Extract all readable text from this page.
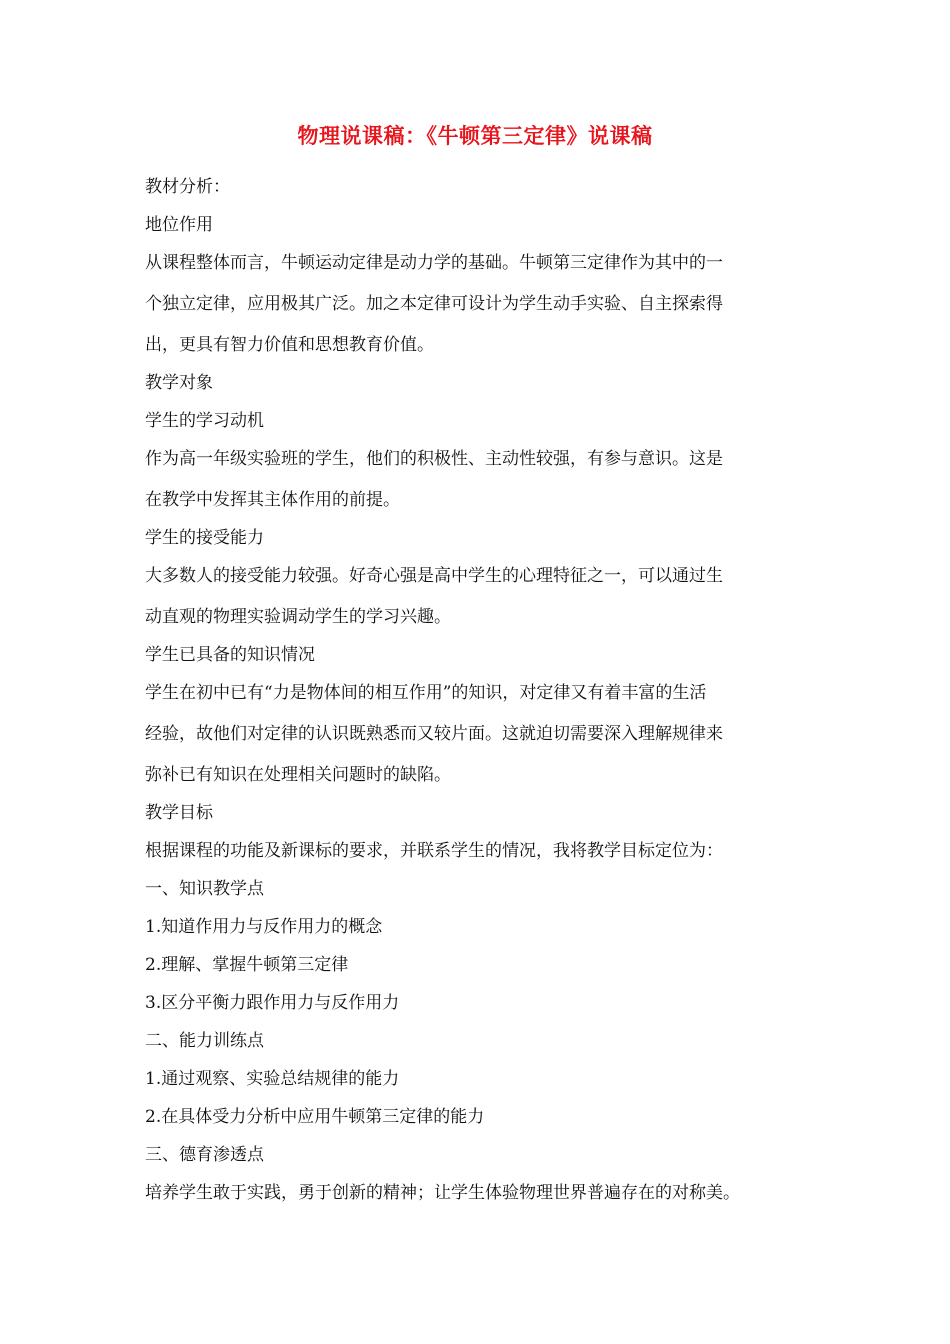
物理说课稿：《牛顿第三定律》说课稿

教材分析：

地位作用

从课程整体而言，牛顿运动定律是动力学的基础。牛顿第三定律作为其中的一

个独立定律，应用极其广泛。加之本定律可设计为学生动手实验、自主探索得

出，更具有智力价值和思想教育价值。

教学对象

学生的学习动机

作为高一年级实验班的学生，他们的积极性、主动性较强，有参与意识。这是

在教学中发挥其主体作用的前提。

学生的接受能力

大多数人的接受能力较强。好奇心强是高中学生的心理特征之一，可以通过生

动直观的物理实验调动学生的学习兴趣。

学生已具备的知识情况

学生在初中已有“力是物体间的相互作用”的知识，对定律又有着丰富的生活

经验，故他们对定律的认识既熟悉而又较片面。这就迫切需要深入理解规律来

弥补已有知识在处理相关问题时的缺陷。

教学目标

根据课程的功能及新课标的要求，并联系学生的情况，我将教学目标定位为：

一、知识教学点

1.知道作用力与反作用力的概念

2.理解、掌握牛顿第三定律

3.区分平衡力跟作用力与反作用力

二、能力训练点

1.通过观察、实验总结规律的能力

2.在具体受力分析中应用牛顿第三定律的能力

三、德育渗透点

培养学生敢于实践，勇于创新的精神；让学生体验物理世界普遍存在的对称美。
